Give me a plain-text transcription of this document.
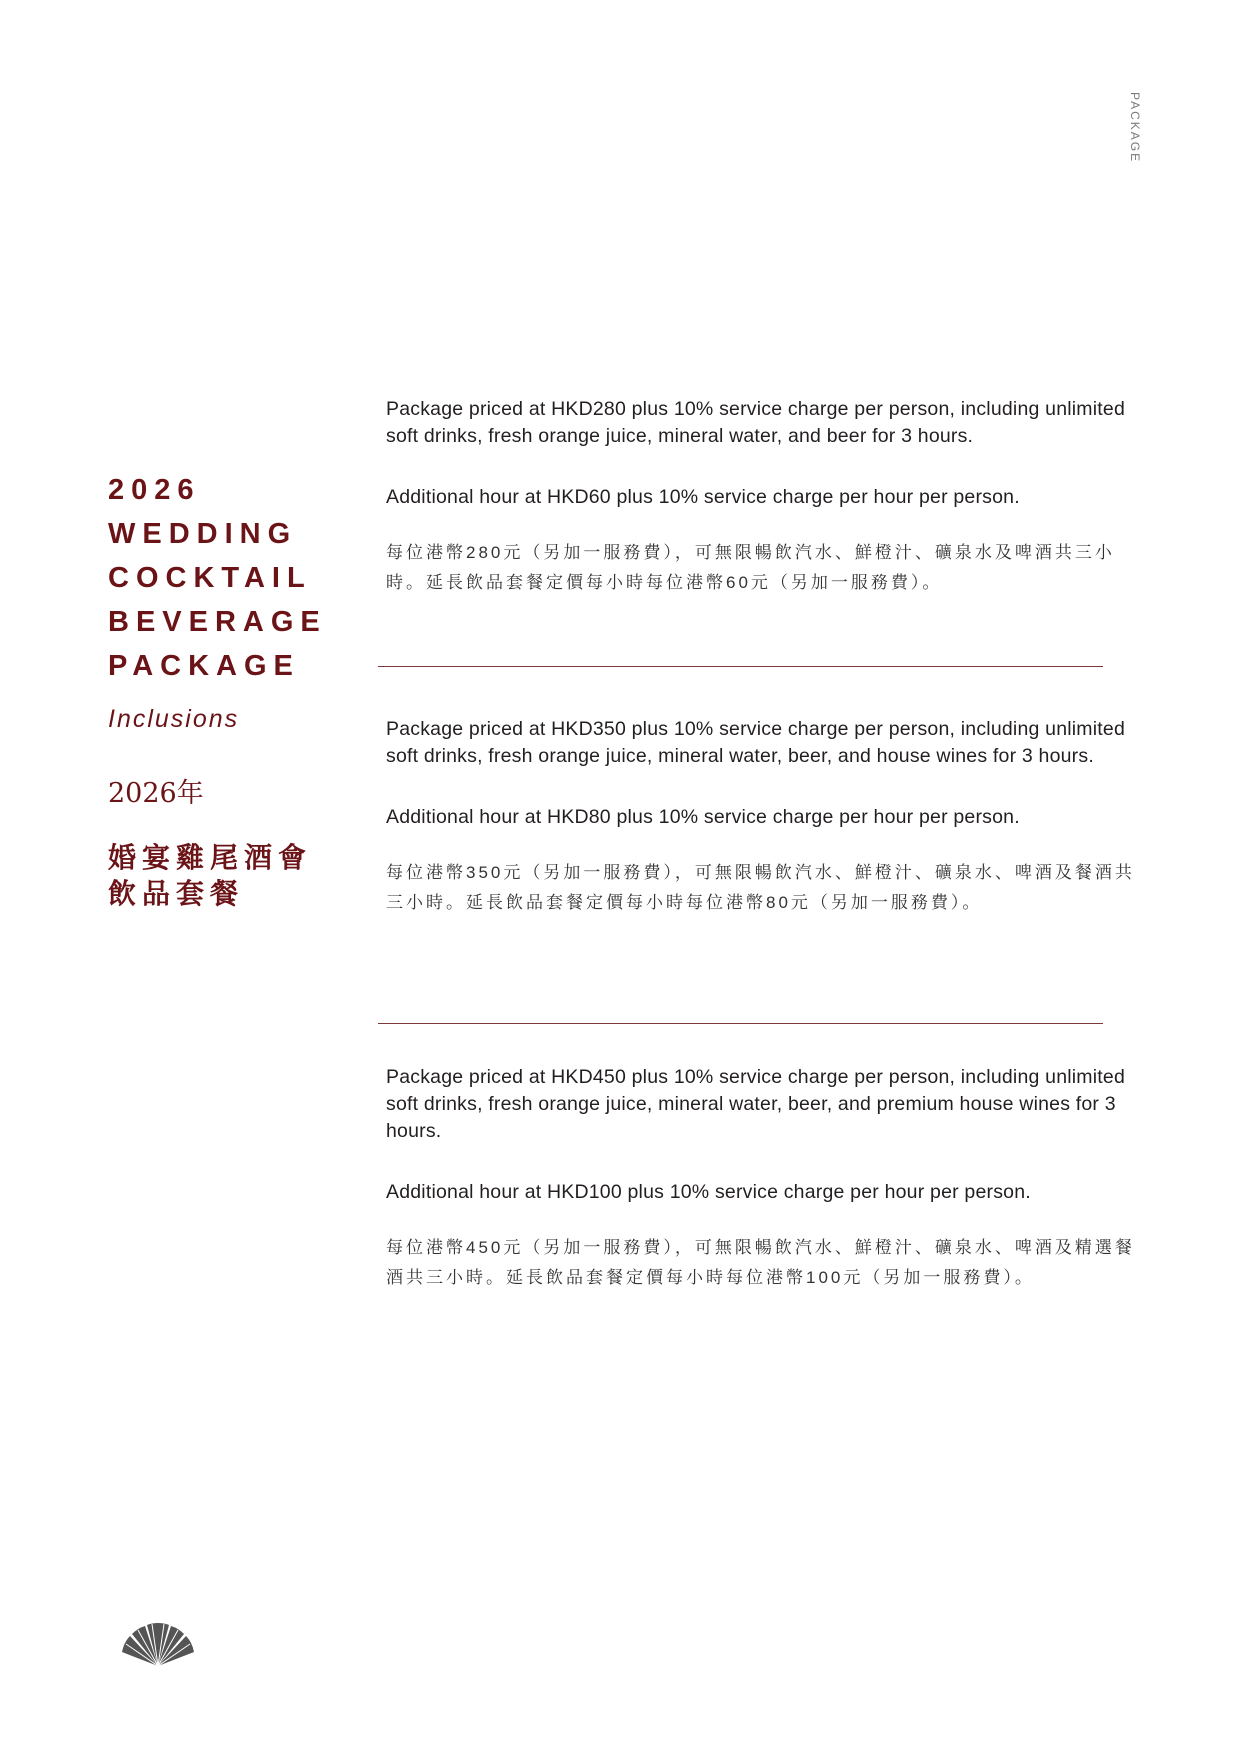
PACKAGE
2026
WEDDING
COCKTAIL
BEVERAGE
PACKAGE
Inclusions
2026年
婚宴雞尾酒會
飲品套餐

Package priced at HKD280 plus 10% service charge per person, including unlimited soft drinks, fresh orange juice, mineral water, and beer for 3 hours.

Additional hour at HKD60 plus 10% service charge per hour per person.

每位港幣280元（另加一服務費），可無限暢飲汽水、鮮橙汁、礦泉水及啤酒共三小時。延長飲品套餐定價每小時每位港幣60元（另加一服務費）。

Package priced at HKD350 plus 10% service charge per person, including unlimited soft drinks, fresh orange juice, mineral water, beer, and house wines for 3 hours.

Additional hour at HKD80 plus 10% service charge per hour per person.

每位港幣350元（另加一服務費），可無限暢飲汽水、鮮橙汁、礦泉水、啤酒及餐酒共三小時。延長飲品套餐定價每小時每位港幣80元（另加一服務費）。

Package priced at HKD450 plus 10% service charge per person, including unlimited soft drinks, fresh orange juice, mineral water, beer, and premium house wines for 3 hours.

Additional hour at HKD100 plus 10% service charge per hour per person.

每位港幣450元（另加一服務費），可無限暢飲汽水、鮮橙汁、礦泉水、啤酒及精選餐酒共三小時。延長飲品套餐定價每小時每位港幣100元（另加一服務費）。
